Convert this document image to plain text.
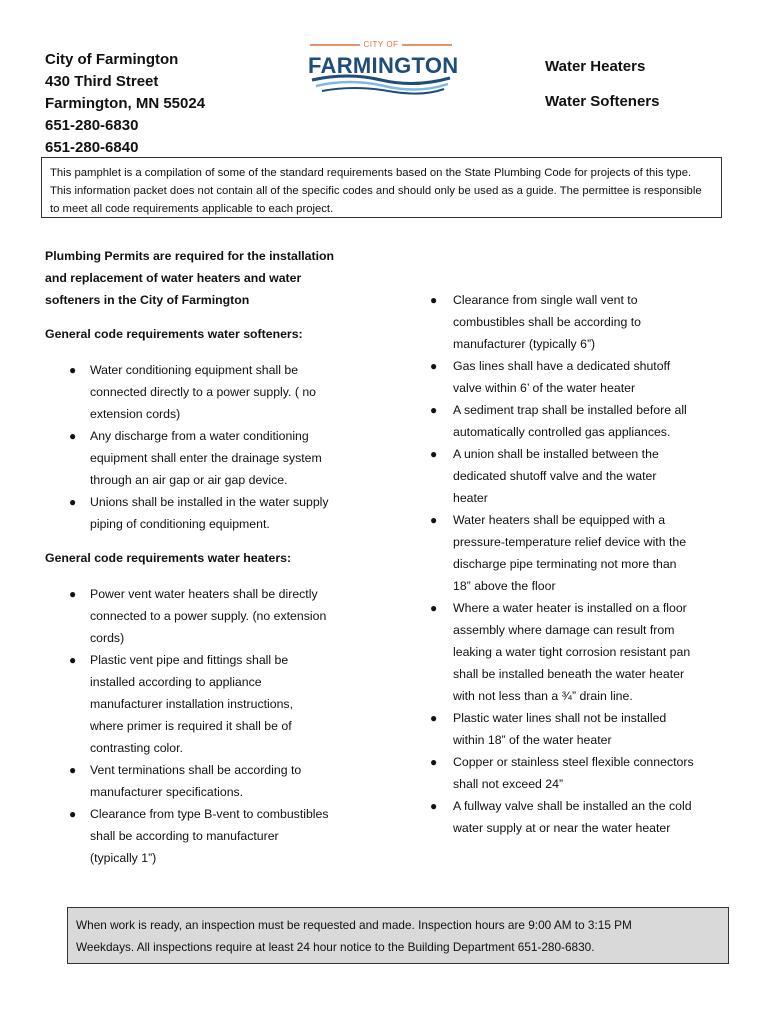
City of Farmington
430 Third Street
Farmington, MN 55024
651-280-6830
651-280-6840
CITY OF
FARMINGTON	Water Heaters
Water Softeners
This pamphlet is a compilation of some of the standard requirements based on the State Plumbing Code for projects of this type. This information packet does not contain all of the specific codes and should only be used as a guide. The permittee is responsible to meet all code requirements applicable to each project.
Plumbing Permits are required for the installation
and replacement of water heaters and water
softeners in the City of Farmington
General code requirements water softeners:
● Water conditioning equipment shall be
connected directly to a power supply. ( no
extension cords)
● Any discharge from a water conditioning
equipment shall enter the drainage system
through an air gap or air gap device.
● Unions shall be installed in the water supply
piping of conditioning equipment.
General code requirements water heaters:
● Power vent water heaters shall be directly
connected to a power supply. (no extension
cords)
● Plastic vent pipe and fittings shall be
installed according to appliance
manufacturer installation instructions,
where primer is required it shall be of
contrasting color.
● Vent terminations shall be according to
manufacturer specifications.
● Clearance from type B-vent to combustibles
shall be according to manufacturer
(typically 1”)
● Clearance from single wall vent to
combustibles shall be according to
manufacturer (typically 6”)
● Gas lines shall have a dedicated shutoff
valve within 6’ of the water heater
● A sediment trap shall be installed before all
automatically controlled gas appliances.
● A union shall be installed between the
dedicated shutoff valve and the water
heater
● Water heaters shall be equipped with a
pressure-temperature relief device with the
discharge pipe terminating not more than
18” above the floor
● Where a water heater is installed on a floor
assembly where damage can result from
leaking a water tight corrosion resistant pan
shall be installed beneath the water heater
with not less than a ¾” drain line.
● Plastic water lines shall not be installed
within 18” of the water heater
● Copper or stainless steel flexible connectors
shall not exceed 24”
● A fullway valve shall be installed an the cold
water supply at or near the water heater
When work is ready, an inspection must be requested and made. Inspection hours are 9:00 AM to 3:15 PM
Weekdays. All inspections require at least 24 hour notice to the Building Department 651-280-6830.
